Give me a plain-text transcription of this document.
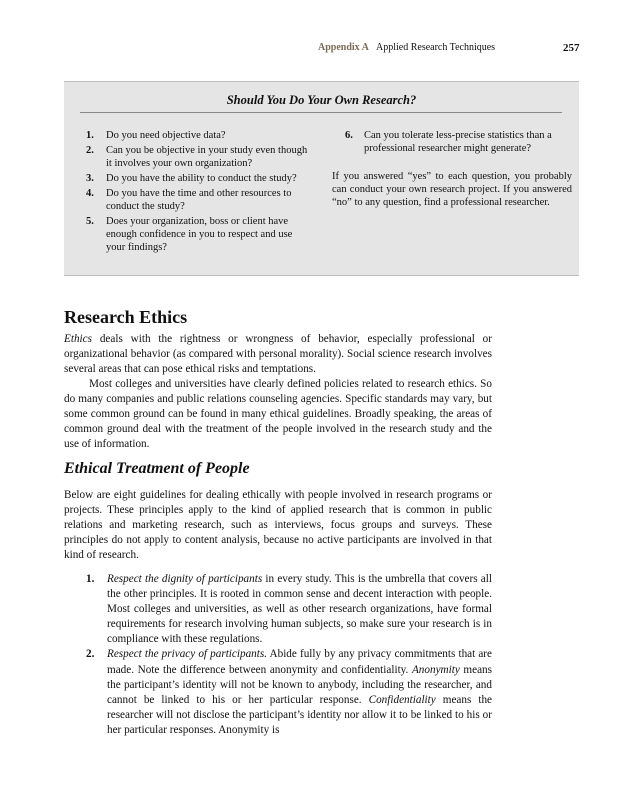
Appendix A Applied Research Techniques	257
Should You Do Your Own Research?
1. Do you need objective data?
2. Can you be objective in your study even though it involves your own organization?
3. Do you have the ability to conduct the study?
4. Do you have the time and other resources to conduct the study?
5. Does your organization, boss or client have enough confidence in you to respect and use your findings?
6. Can you tolerate less-precise statistics than a professional researcher might generate?
If you answered “yes” to each question, you probably can conduct your own research project. If you answered “no” to any question, find a professional researcher.
Research Ethics

Ethics deals with the rightness or wrongness of behavior, especially professional or organizational behavior (as compared with personal morality). Social science research involves several areas that can pose ethical risks and temptations.

Most colleges and universities have clearly defined policies related to research ethics. So do many companies and public relations counseling agencies. Specific standards may vary, but some common ground can be found in many ethical guidelines. Broadly speaking, the areas of common ground deal with the treatment of the people involved in the research study and the use of information.

Ethical Treatment of People

Below are eight guidelines for dealing ethically with people involved in research programs or projects. These principles apply to the kind of applied research that is common in public relations and marketing research, such as interviews, focus groups and surveys. These principles do not apply to content analysis, because no active participants are involved in that kind of research.

1. Respect the dignity of participants in every study. This is the umbrella that covers all the other principles. It is rooted in common sense and decent interaction with people. Most colleges and universities, as well as other research organizations, have formal requirements for research involving human subjects, so make sure your research is in compliance with these regulations.
2. Respect the privacy of participants. Abide fully by any privacy commitments that are made. Note the difference between anonymity and confidentiality. Anonymity means the participant’s identity will not be known to anybody, including the researcher, and cannot be linked to his or her particular response. Confidentiality means the researcher will not disclose the participant’s identity nor allow it to be linked to his or her particular responses. Anonymity is
